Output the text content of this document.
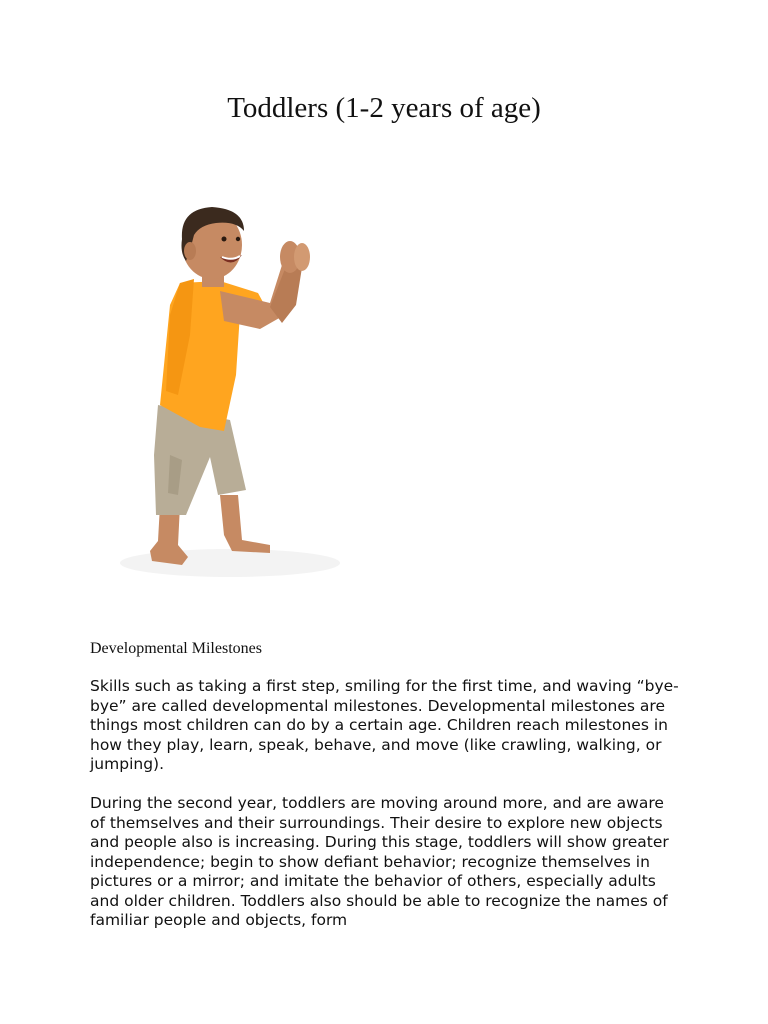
Toddlers (1-2 years of age)

Developmental Milestones

Skills such as taking a first step, smiling for the first time, and waving “bye-bye” are called developmental milestones. Developmental milestones are things most children can do by a certain age. Children reach milestones in how they play, learn, speak, behave, and move (like crawling, walking, or jumping).

During the second year, toddlers are moving around more, and are aware of themselves and their surroundings. Their desire to explore new objects and people also is increasing. During this stage, toddlers will show greater independence; begin to show defiant behavior; recognize themselves in pictures or a mirror; and imitate the behavior of others, especially adults and older children. Toddlers also should be able to recognize the names of familiar people and objects, form
